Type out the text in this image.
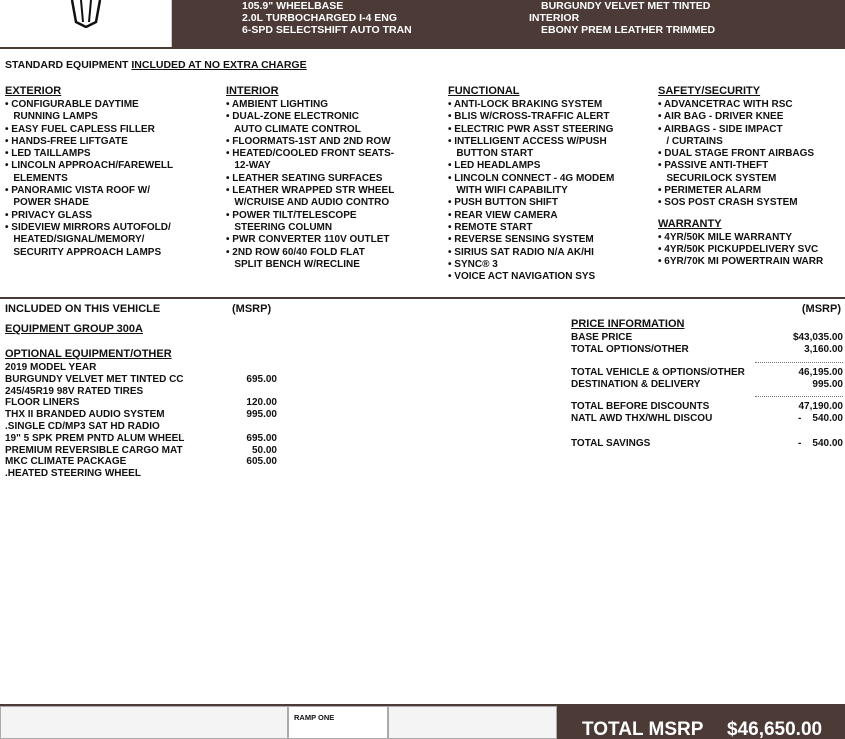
105.9" WHEELBASE
2.0L TURBOCHARGED I-4 ENG
6-SPD SELECTSHIFT AUTO TRAN
BURGUNDY VELVET MET TINTED
INTERIOR
EBONY PREM LEATHER TRIMMED
STANDARD EQUIPMENT INCLUDED AT NO EXTRA CHARGE
EXTERIOR
• CONFIGURABLE DAYTIME
RUNNING LAMPS
• EASY FUEL CAPLESS FILLER
• HANDS-FREE LIFTGATE
• LED TAILLAMPS
• LINCOLN APPROACH/FAREWELL
ELEMENTS
• PANORAMIC VISTA ROOF W/
POWER SHADE
• PRIVACY GLASS
• SIDEVIEW MIRRORS AUTOFOLD/
HEATED/SIGNAL/MEMORY/
SECURITY APPROACH LAMPS
INTERIOR
• AMBIENT LIGHTING
• DUAL-ZONE ELECTRONIC
AUTO CLIMATE CONTROL
• FLOORMATS-1ST AND 2ND ROW
• HEATED/COOLED FRONT SEATS-
12-WAY
• LEATHER SEATING SURFACES
• LEATHER WRAPPED STR WHEEL
W/CRUISE AND AUDIO CONTRO
• POWER TILT/TELESCOPE
STEERING COLUMN
• PWR CONVERTER 110V OUTLET
• 2ND ROW 60/40 FOLD FLAT
SPLIT BENCH W/RECLINE
FUNCTIONAL
• ANTI-LOCK BRAKING SYSTEM
• BLIS W/CROSS-TRAFFIC ALERT
• ELECTRIC PWR ASST STEERING
• INTELLIGENT ACCESS W/PUSH
BUTTON START
• LED HEADLAMPS
• LINCOLN CONNECT - 4G MODEM
WITH WIFI CAPABILITY
• PUSH BUTTON SHIFT
• REAR VIEW CAMERA
• REMOTE START
• REVERSE SENSING SYSTEM
• SIRIUS SAT RADIO N/A AK/HI
• SYNC® 3
• VOICE ACT NAVIGATION SYS
SAFETY/SECURITY
• ADVANCETRAC WITH RSC
• AIR BAG - DRIVER KNEE
• AIRBAGS - SIDE IMPACT
/ CURTAINS
• DUAL STAGE FRONT AIRBAGS
• PASSIVE ANTI-THEFT
SECURILOCK SYSTEM
• PERIMETER ALARM
• SOS POST CRASH SYSTEM
WARRANTY
• 4YR/50K MILE WARRANTY
• 4YR/50K PICKUPDELIVERY SVC
• 6YR/70K MI POWERTRAIN WARR
INCLUDED ON THIS VEHICLE	(MSRP)	(MSRP)
EQUIPMENT GROUP 300A
OPTIONAL EQUIPMENT/OTHER
2019 MODEL YEAR
BURGUNDY VELVET MET TINTED CC	695.00
245/45R19 98V RATED TIRES
FLOOR LINERS	120.00
THX II BRANDED AUDIO SYSTEM	995.00
.SINGLE CD/MP3 SAT HD RADIO
19" 5 SPK PREM PNTD ALUM WHEEL	695.00
PREMIUM REVERSIBLE CARGO MAT	50.00
MKC CLIMATE PACKAGE	605.00
.HEATED STEERING WHEEL
PRICE INFORMATION
BASE PRICE	$43,035.00
TOTAL OPTIONS/OTHER	3,160.00
TOTAL VEHICLE & OPTIONS/OTHER	46,195.00
DESTINATION & DELIVERY	995.00
TOTAL BEFORE DISCOUNTS	47,190.00
NATL AWD THX/WHL DISCOU	-    540.00
TOTAL SAVINGS	-    540.00
RAMP ONE
TOTAL MSRP $46,650.00
